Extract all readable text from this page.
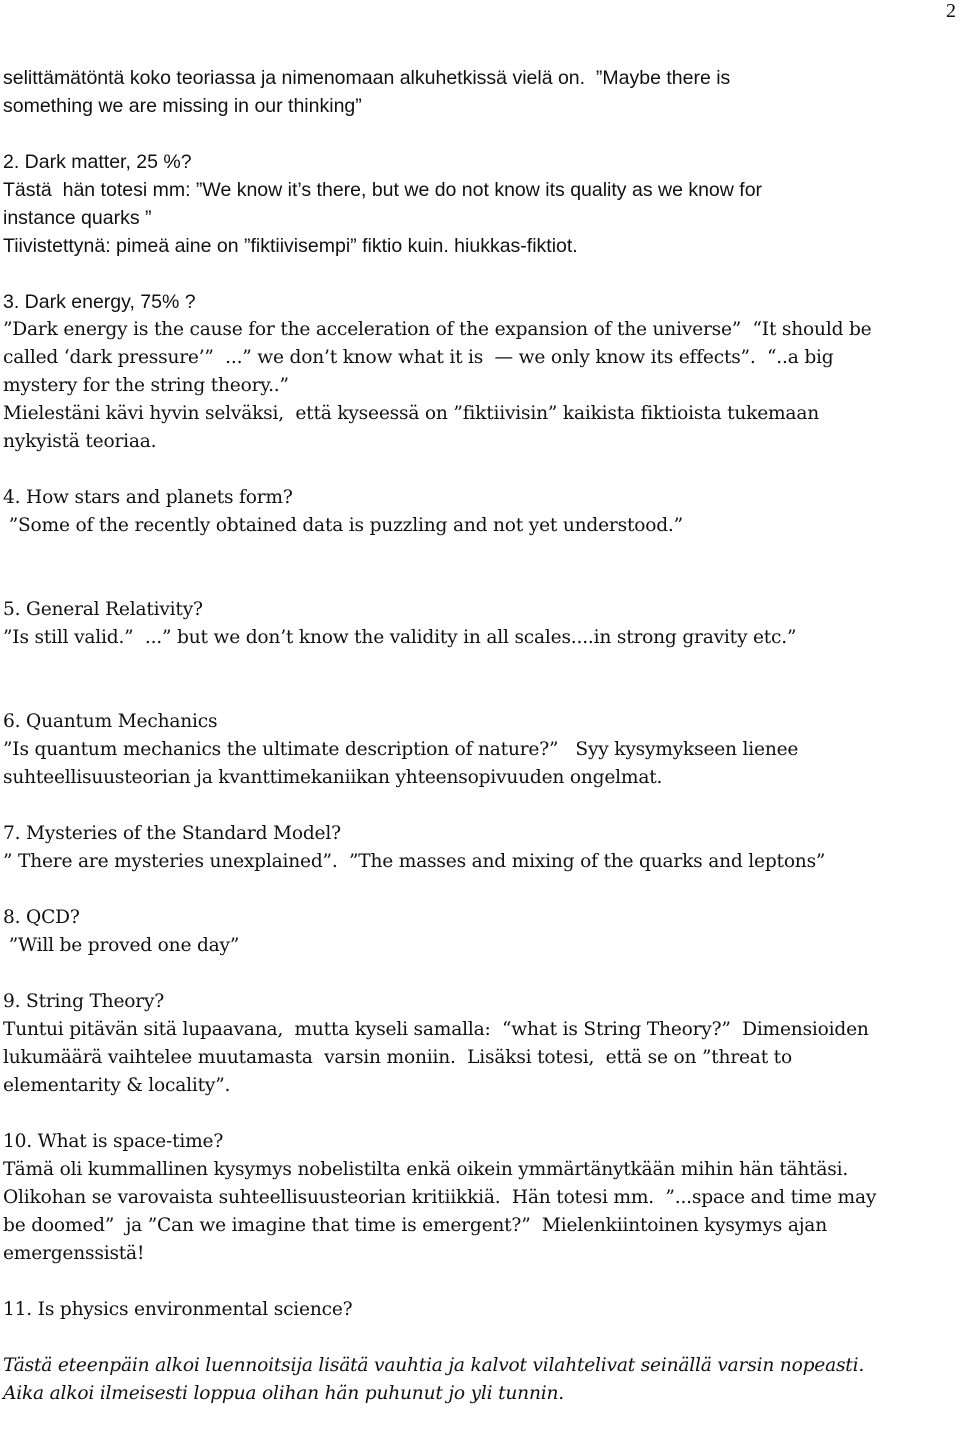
2
selittämätöntä koko teoriassa ja nimenomaan alkuhetkissä vielä on.  ”Maybe there is
something we are missing in our thinking”
2. Dark matter, 25 %?
Tästä  hän totesi mm: ”We know it’s there, but we do not know its quality as we know for
instance quarks ”
Tiivistettynä: pimeä aine on ”fiktiivisempi” fiktio kuin. hiukkas-fiktiot.
3. Dark energy, 75% ?
”Dark energy is the cause for the acceleration of the expansion of the universe”  “It should be
called ‘dark pressure’”  ...” we don’t know what it is  — we only know its effects”.  “..a big
mystery for the string theory..”
Mielestäni kävi hyvin selväksi,  että kyseessä on ”fiktiivisin” kaikista fiktioista tukemaan
nykyistä teoriaa.
4. How stars and planets form?
”Some of the recently obtained data is puzzling and not yet understood.”
5. General Relativity?
”Is still valid.”  ...” but we don’t know the validity in all scales....in strong gravity etc.”
6. Quantum Mechanics
”Is quantum mechanics the ultimate description of nature?”   Syy kysymykseen lienee
suhteellisuusteorian ja kvanttimekaniikan yhteensopivuuden ongelmat.
7. Mysteries of the Standard Model?
” There are mysteries unexplained”.  ”The masses and mixing of the quarks and leptons”
8. QCD?
”Will be proved one day”
9. String Theory?
Tuntui pitävän sitä lupaavana,  mutta kyseli samalla:  “what is String Theory?”  Dimensioiden
lukumäärä vaihtelee muutamasta  varsin moniin.  Lisäksi totesi,  että se on ”threat to
elementarity & locality”.
10. What is space-time?
Tämä oli kummallinen kysymys nobelistilta enkä oikein ymmärtänytkään mihin hän tähtäsi.
Olikohan se varovaista suhteellisuusteorian kritiikkiä.  Hän totesi mm.  ”...space and time may
be doomed”  ja ”Can we imagine that time is emergent?”  Mielenkiintoinen kysymys ajan
emergenssistä!
11. Is physics environmental science?
Tästä eteenpäin alkoi luennoitsija lisätä vauhtia ja kalvot vilahtelivat seinällä varsin nopeasti.
Aika alkoi ilmeisesti loppua olihan hän puhunut jo yli tunnin.
